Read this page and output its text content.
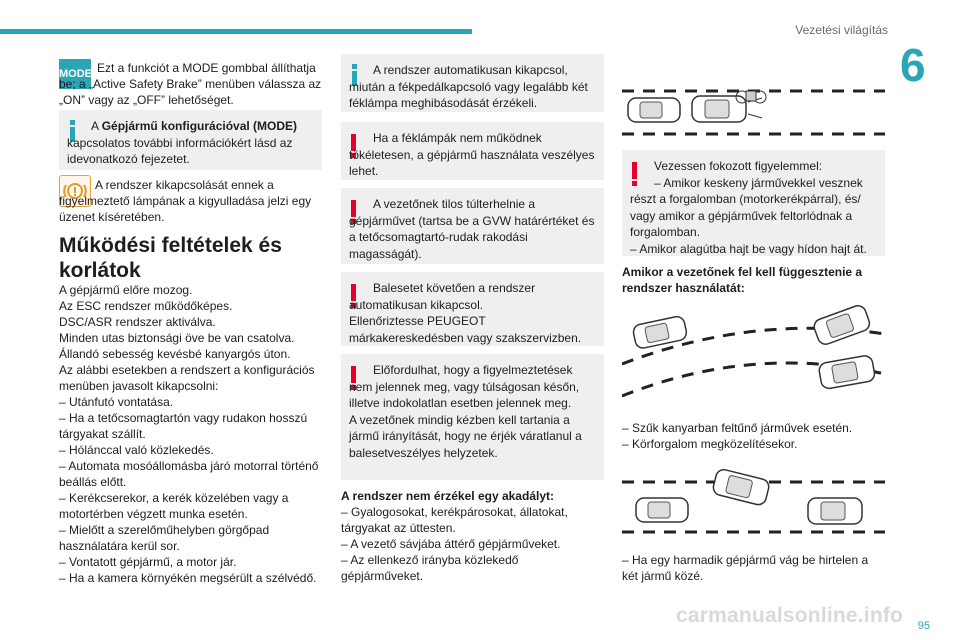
Vezetési világítás
6
MODE Ezt a funkciót a MODE gombbal állíthatja be; a „Active Safety Brake” menüben válassza az „ON” vagy az „OFF” lehetőséget.
A Gépjármű konfigurációval (MODE) kapcsolatos további információkért lásd az idevonatkozó fejezetet.
A rendszer kikapcsolását ennek a figyelmeztető lámpának a kigyulladása jelzi egy üzenet kíséretében.
Működési feltételek és korlátok
A gépjármű előre mozog.
Az ESC rendszer működőképes.
DSC/ASR rendszer aktiválva.
Minden utas biztonsági öve be van csatolva.
Állandó sebesség kevésbé kanyargós úton.
Az alábbi esetekben a rendszert a konfigurációs menüben javasolt kikapcsolni:
– Utánfutó vontatása.
– Ha a tetőcsomagtartón vagy rudakon hosszú tárgyakat szállít.
– Hólánccal való közlekedés.
– Automata mosóállomásba járó motorral történő beállás előtt.
– Kerékcserekor, a kerék közelében vagy a motortérben végzett munka esetén.
– Mielőtt a szerelőműhelyben görgőpad használatára kerül sor.
– Vontatott gépjármű, a motor jár.
– Ha a kamera környékén megsérült a szélvédő.
A rendszer automatikusan kikapcsol, miután a fékpedálkapcsoló vagy legalább két féklámpa meghibásodását érzékeli.
Ha a féklámpák nem működnek tökéletesen, a gépjármű használata veszélyes lehet.
A vezetőnek tilos túlterhelnie a gépjárművet (tartsa be a GVW határértéket és a tetőcsomagtartó-rudak rakodási magasságát).
Balesetet követően a rendszer automatikusan kikapcsol.
Ellenőriztesse PEUGEOT márkakereskedésben vagy szakszervizben.
Előfordulhat, hogy a figyelmeztetések nem jelennek meg, vagy túlságosan későn, illetve indokolatlan esetben jelennek meg.
A vezetőnek mindig kézben kell tartania a jármű irányítását, hogy ne érjék váratlanul a balesetveszélyes helyzetek.
A rendszer nem érzékel egy akadályt:
– Gyalogosokat, kerékpárosokat, állatokat, tárgyakat az úttesten.
– A vezető sávjába áttérő gépjárműveket.
– Az ellenkező irányba közlekedő gépjárműveket.
Vezessen fokozott figyelemmel:
– Amikor keskeny járművekkel vesznek részt a forgalomban (motorkerékpárral), és/ vagy amikor a gépjárművek feltorlódnak a forgalomban.
– Amikor alagútba hajt be vagy hídon hajt át.
Amikor a vezetőnek fel kell függesztenie a rendszer használatát:
– Szűk kanyarban feltűnő járművek esetén.
– Körforgalom megközelítésekor.
– Ha egy harmadik gépjármű vág be hirtelen a két jármű közé.
carmanualsonline.info 95
